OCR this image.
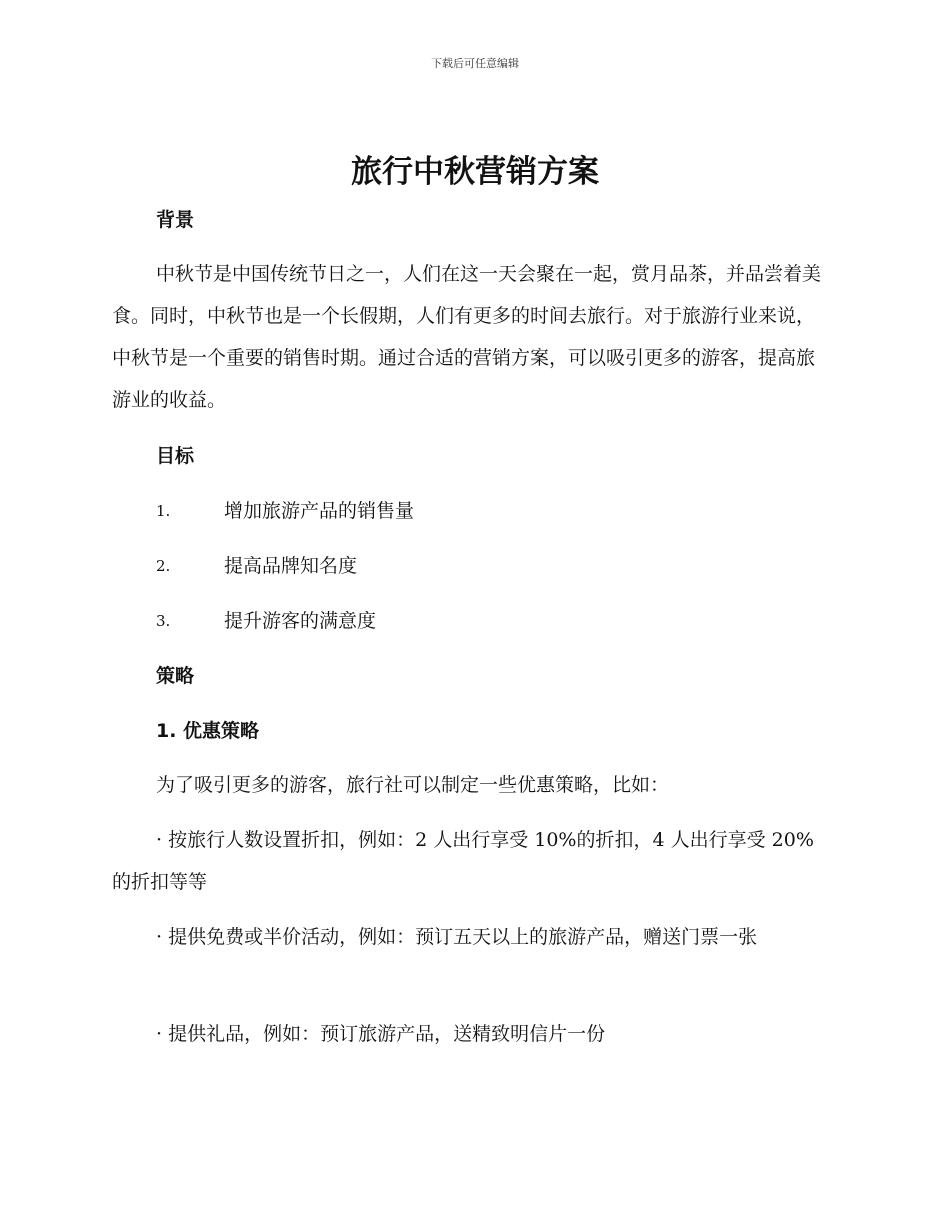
下载后可任意编辑
旅行中秋营销方案
背景

中秋节是中国传统节日之一，人们在这一天会聚在一起，赏月品茶，并品尝着美食。同时，中秋节也是一个长假期，人们有更多的时间去旅行。对于旅游行业来说，中秋节是一个重要的销售时期。通过合适的营销方案，可以吸引更多的游客，提高旅游业的收益。

目标
1.	增加旅游产品的销售量
2.	提高品牌知名度
3.	提升游客的满意度
策略
1. 优惠策略

为了吸引更多的游客，旅行社可以制定一些优惠策略，比如：

· 按旅行人数设置折扣，例如：2 人出行享受 10%的折扣，4 人出行享受 20%的折扣等等

· 提供免费或半价活动，例如：预订五天以上的旅游产品，赠送门票一张

· 提供礼品，例如：预订旅游产品，送精致明信片一份
